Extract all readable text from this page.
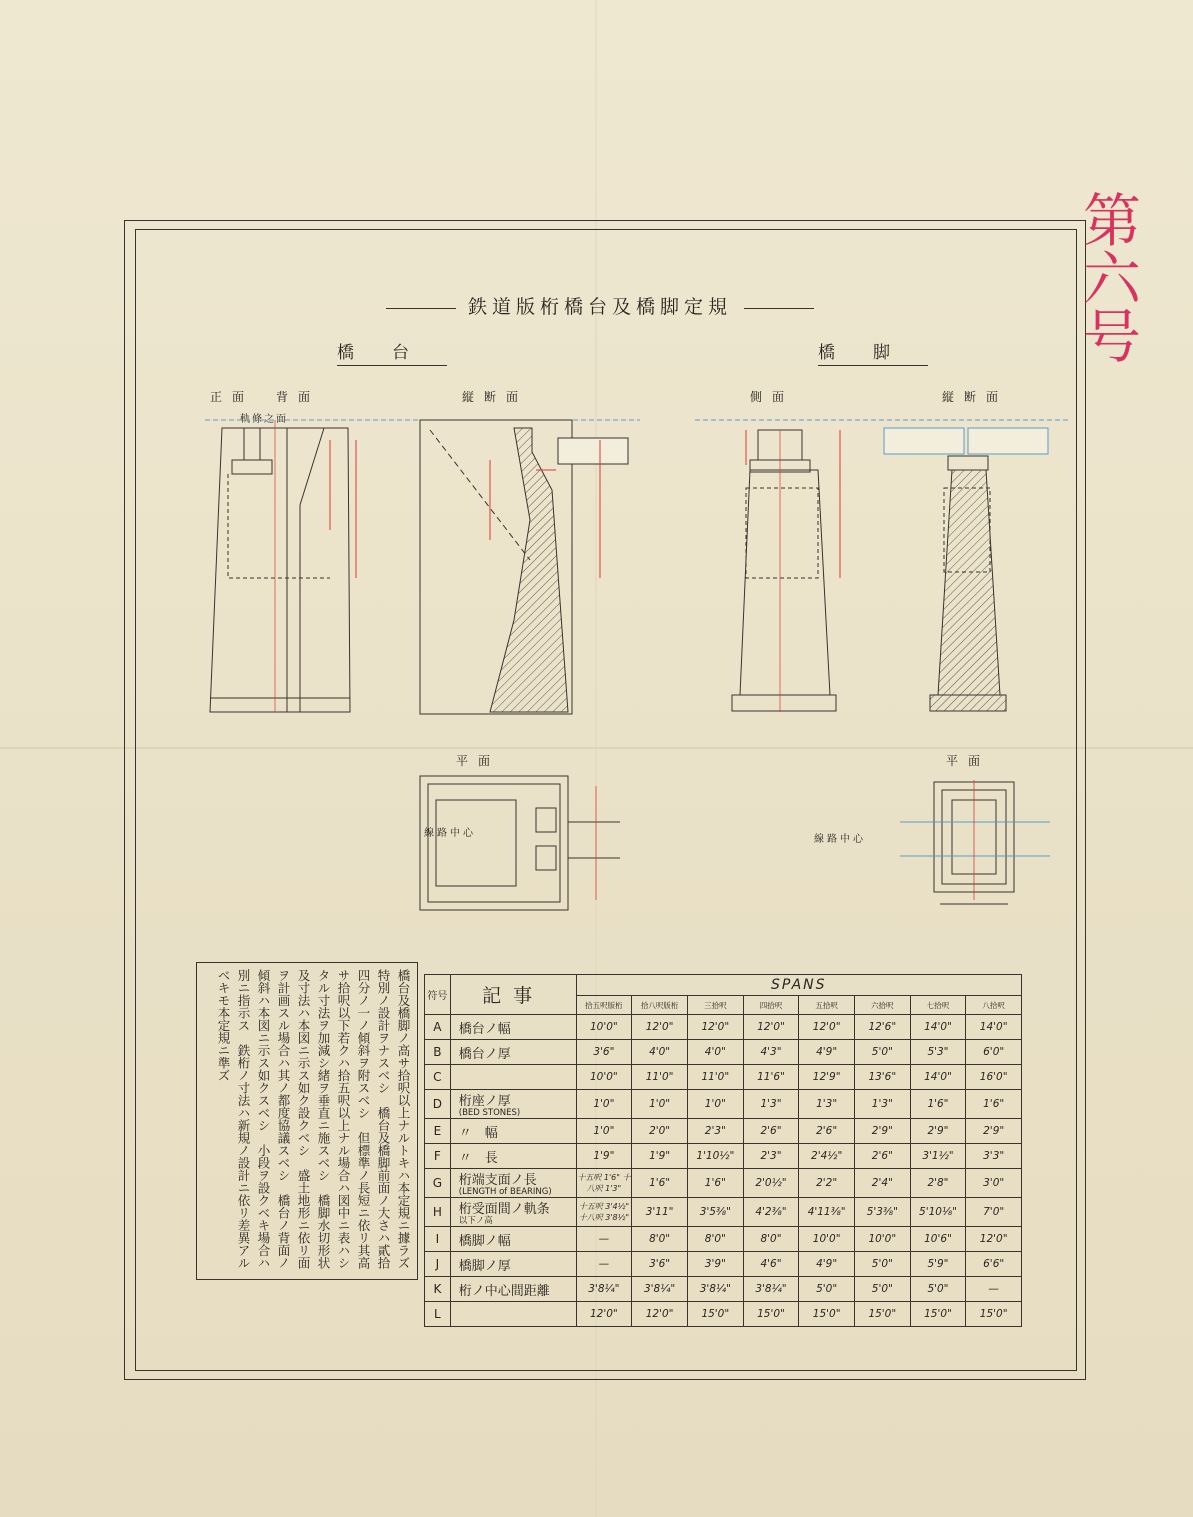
第六号
鉄道版桁橋台及橋脚定規
橋台	橋脚
正面　背面	縦断面	側面	縦断面
平面	平面
軌條之面
線路中心
線路中心
橋台及橋脚ノ高サ拾呎以上ナルトキハ本定規ニ據ラズ特別ノ設計ヲナスベシ　橋台及橋脚前面ノ大さハ貳拾四分ノ一ノ傾斜ヲ附スベシ　但標準ノ長短ニ依リ其高サ拾呎以下若クハ拾五呎以上ナル場合ハ図中ニ表ハシタル寸法ヲ加減シ緒ヲ垂直ニ施スベシ　橋脚水切形状及寸法ハ本図ニ示ス如ク設クベシ　盛土地形ニ依リ面ヲ計画スル場合ハ其ノ都度協議スベシ　橋台ノ背面ノ傾斜ハ本図ニ示ス如クスベシ　小段ヲ設クベキ場合ハ別ニ指示ス　鉄桁ノ寸法ハ新規ノ設計ニ依リ差異アルベキモ本定規ニ準ズ	符号	記事	SPANS							
		拾五呎版桁	拾八呎版桁	三拾呎	四拾呎	五拾呎	六拾呎	七拾呎	八拾呎
A	橋台ノ幅	10'0"	12'0"	12'0"	12'0"	12'0"	12'6"	14'0"	14'0"
B	橋台ノ厚	3'6"	4'0"	4'0"	4'3"	4'9"	5'0"	5'3"	6'0"
C		10'0"	11'0"	11'0"	11'6"	12'9"	13'6"	14'0"	16'0"
D	桁座ノ厚
(BED STONES)	1'0"	1'0"	1'0"	1'3"	1'3"	1'3"	1'6"	1'6"
E	〃　幅	1'0"	2'0"	2'3"	2'6"	2'6"	2'9"	2'9"	2'9"
F	〃　長	1'9"	1'9"	1'10½"	2'3"	2'4½"	2'6"	3'1½"	3'3"
G	桁端支面ノ長
(LENGTH of BEARING)	十五呎 1'6" 十八呎 1'3"	1'6"	1'6"	2'0½"	2'2"	2'4"	2'8"	3'0"
H	桁受面間ノ軌条
以下ノ高	十五呎 3'4½" 十八呎 3'8½"	3'11"	3'5⅜"	4'2⅜"	4'11⅜"	5'3⅜"	5'10⅛"	7'0"
I	橋脚ノ幅	—	8'0"	8'0"	8'0"	10'0"	10'0"	10'6"	12'0"
J	橋脚ノ厚	—	3'6"	3'9"	4'6"	4'9"	5'0"	5'9"	6'6"
K	桁ノ中心間距離	3'8¼"	3'8¼"	3'8¼"	3'8¼"	5'0"	5'0"	5'0"	—
L		12'0"	12'0"	15'0"	15'0"	15'0"	15'0"	15'0"	15'0"
